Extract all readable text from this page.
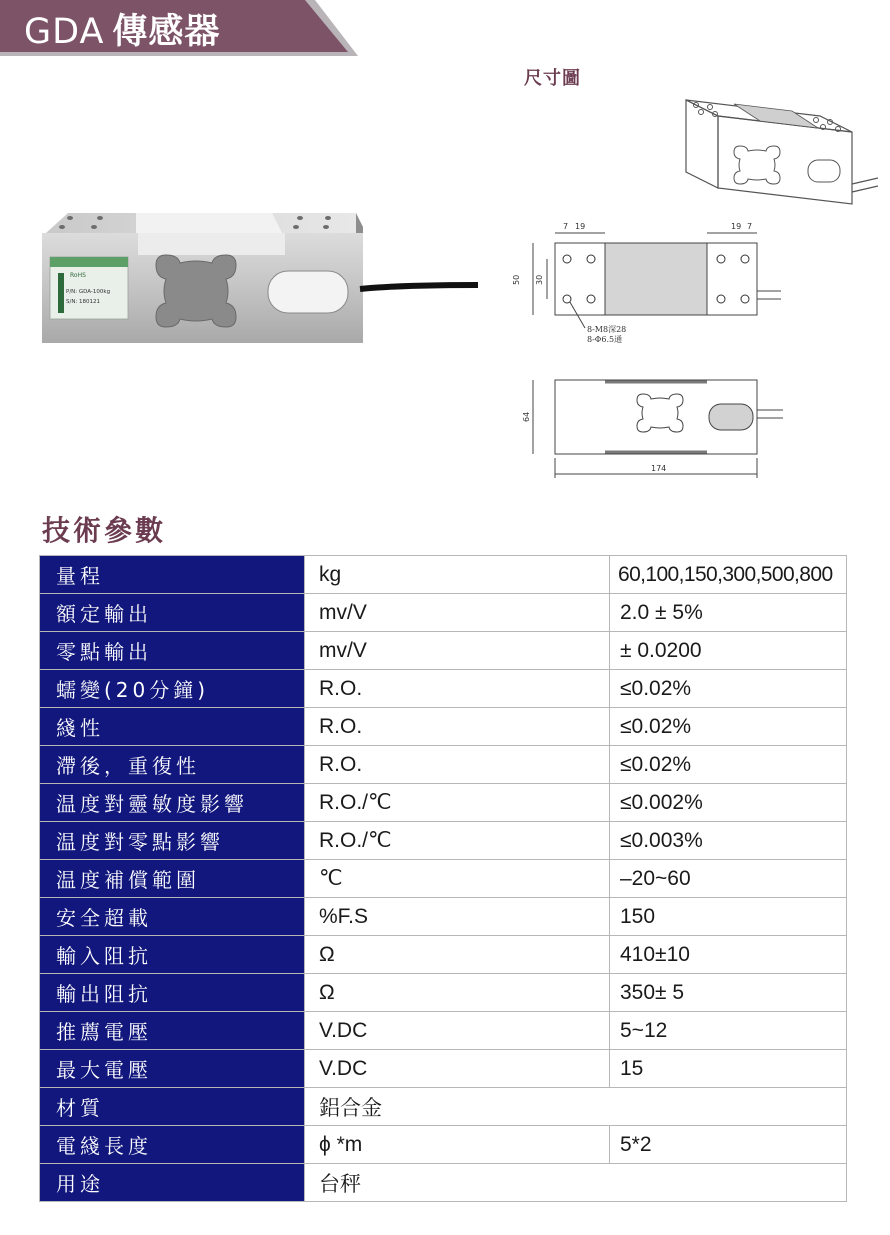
GDA 傳感器
RoHS
P/N: GDA-100kg
S/N: 180121
尺寸圖
7 19	19 7
50 30
8-M8深28
8-Φ6.5通
64
174
技術參數
量程	kg	60,100,150,300,500,800
額定輸出	mv/V	2.0 ± 5%
零點輸出	mv/V	± 0.0200
蠕變(20分鐘)	R.O.	≤0.02%
綫性	R.O.	≤0.02%
滯後，重復性	R.O.	≤0.02%
温度對靈敏度影響	R.O./℃	≤0.002%
温度對零點影響	R.O./℃	≤0.003%
温度補償範圍	℃	–20~60
安全超載	%F.S	150
輸入阻抗	Ω	410±10
輸出阻抗	Ω	350± 5
推薦電壓	V.DC	5~12
最大電壓	V.DC	15
材質	鋁合金	
電綫長度	ϕ *m	5*2
用途	台秤	
